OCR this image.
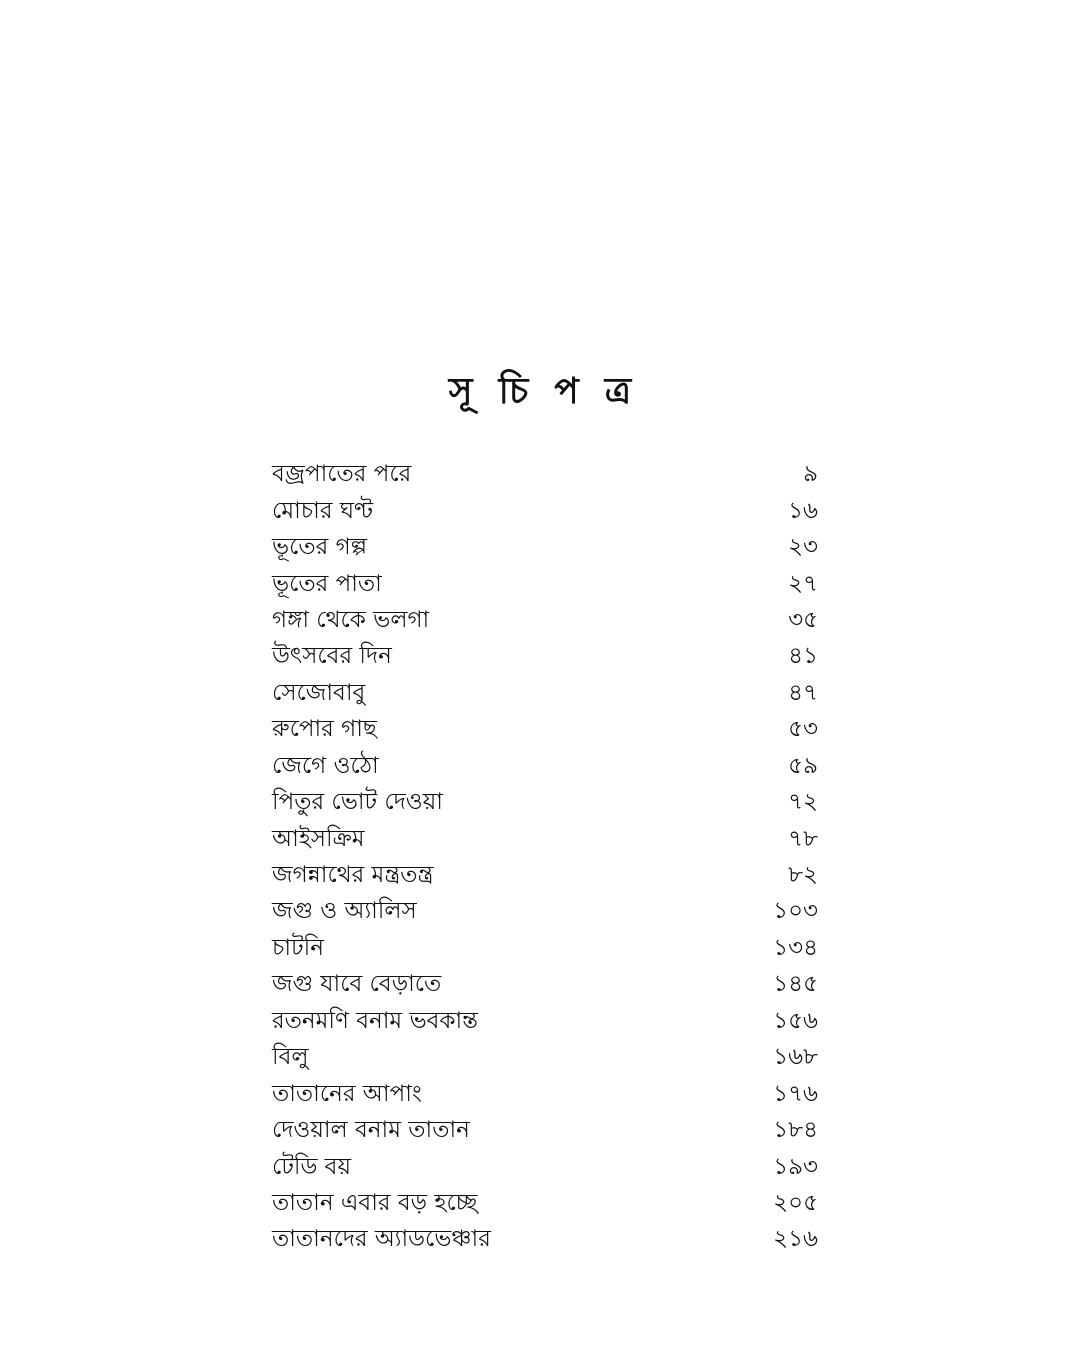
সূচিপত্র
বজ্রপাতের পরে	৯
মোচার ঘণ্ট	১৬
ভূতের গল্প	২৩
ভূতের পাতা	২৭
গঙ্গা থেকে ভলগা	৩৫
উৎসবের দিন	৪১
সেজোবাবু	৪৭
রুপোর গাছ	৫৩
জেগে ওঠো	৫৯
পিতুর ভোট দেওয়া	৭২
আইসক্রিম	৭৮
জগন্নাথের মন্ত্রতন্ত্র	৮২
জগু ও অ্যালিস	১০৩
চাটনি	১৩৪
জগু যাবে বেড়াতে	১৪৫
রতনমণি বনাম ভবকান্ত	১৫৬
বিলু	১৬৮
তাতানের আপাং	১৭৬
দেওয়াল বনাম তাতান	১৮৪
টেডি বয়	১৯৩
তাতান এবার বড় হচ্ছে	২০৫
তাতানদের অ্যাডভেঞ্চার	২১৬
